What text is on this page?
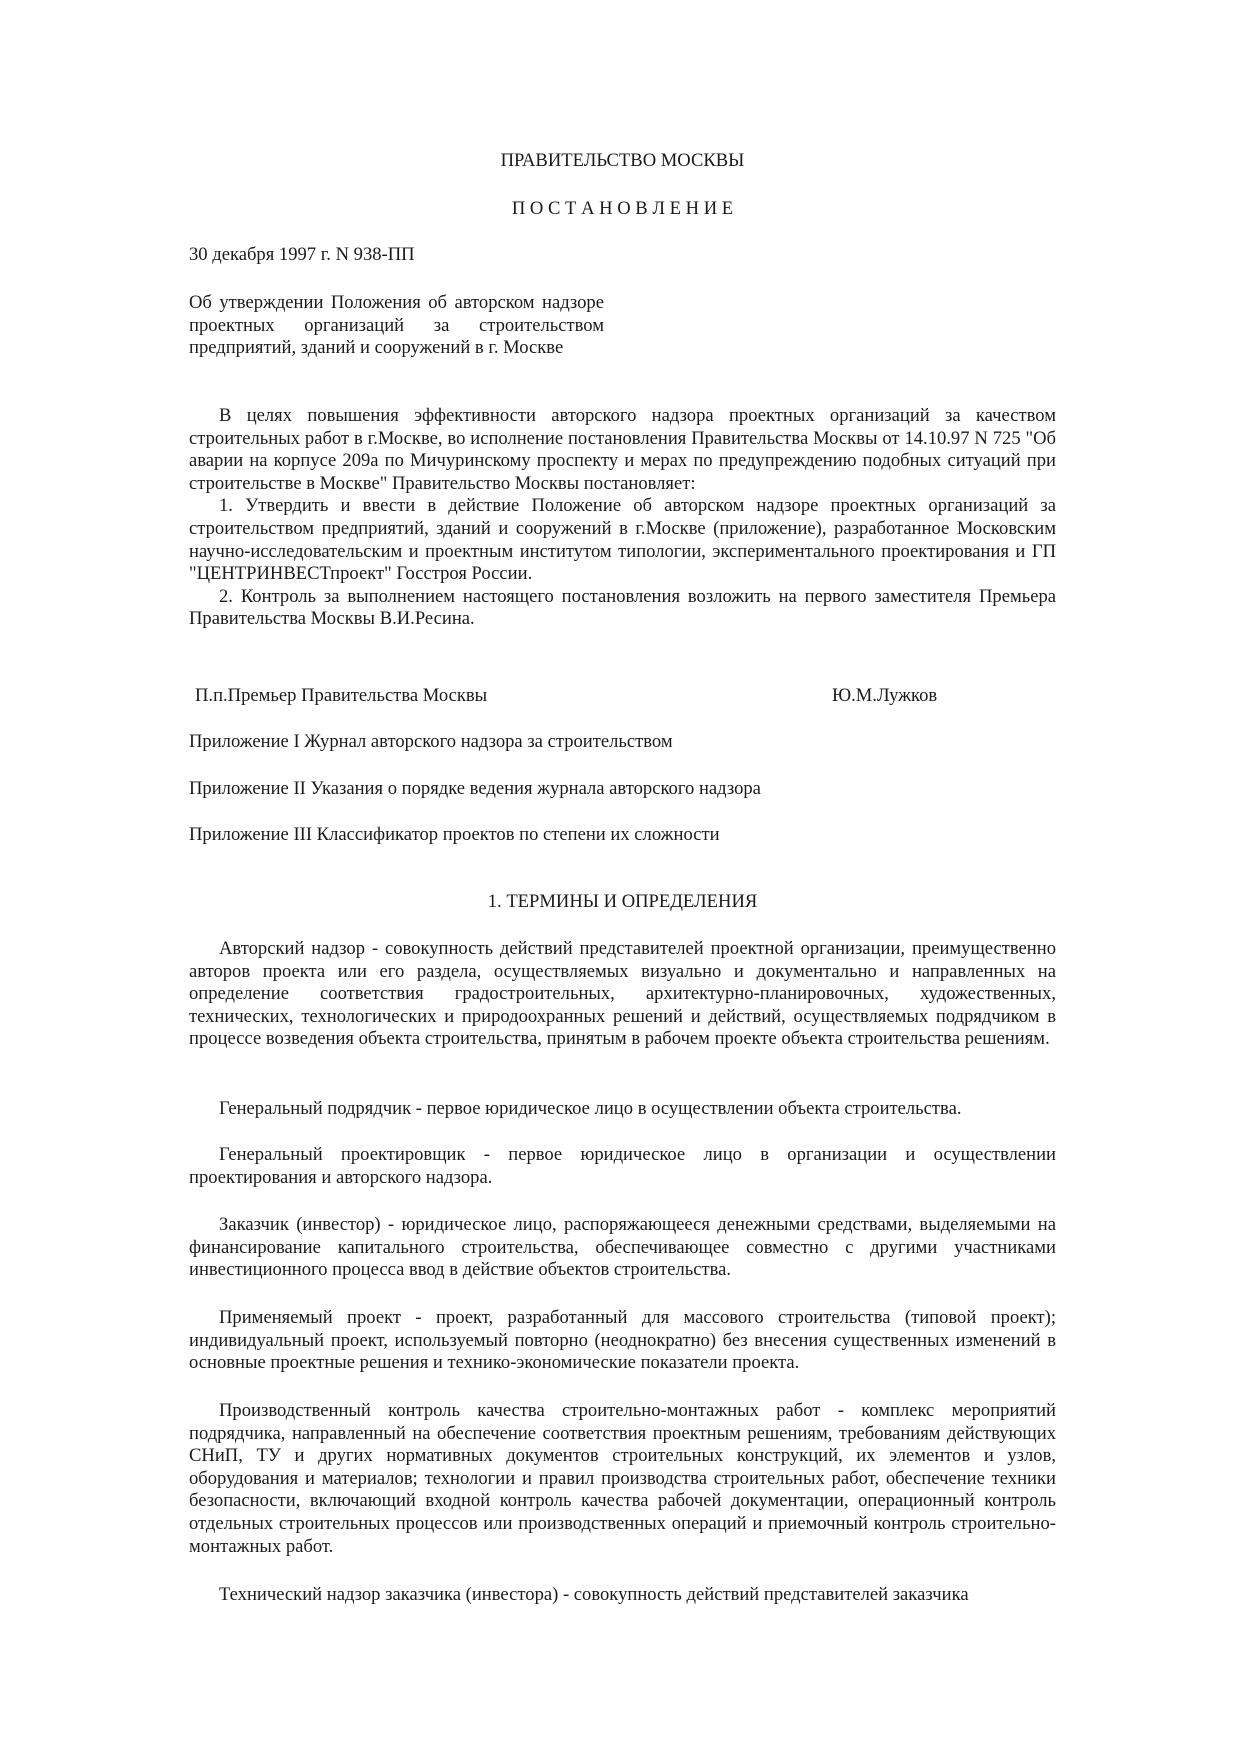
ПРАВИТЕЛЬСТВО МОСКВЫ

П О С Т А Н О В Л Е Н И Е

30 декабря 1997 г. N 938-ПП

Об утверждении Положения об авторском надзоре проектных организаций за строительством предприятий, зданий и сооружений в г. Москве

В целях повышения эффективности авторского надзора проектных организаций за качеством строительных работ в г.Москве, во исполнение постановления Правительства Москвы от 14.10.97 N 725 "Об аварии на корпусе 209а по Мичуринскому проспекту и мерах по предупреждению подобных ситуаций при строительстве в Москве" Правительство Москвы постановляет:

1. Утвердить и ввести в действие Положение об авторском надзоре проектных организаций за строительством предприятий, зданий и сооружений в г.Москве (приложение), разработанное Московским научно-исследовательским и проектным институтом типологии, экспериментального проектирования и ГП "ЦЕНТРИНВЕСТпроект" Госстроя России.

2. Контроль за выполнением настоящего постановления возложить на первого заместителя Премьера Правительства Москвы В.И.Ресина.

П.п.Премьер Правительства Москвы	Ю.М.Лужков

Приложение I Журнал авторского надзора за строительством

Приложение II Указания о порядке ведения журнала авторского надзора

Приложение III Классификатор проектов по степени их сложности

1. ТЕРМИНЫ И ОПРЕДЕЛЕНИЯ

Авторский надзор - совокупность действий представителей проектной организации, преимущественно авторов проекта или его раздела, осуществляемых визуально и документально и направленных на определение соответствия градостроительных, архитектурно-планировочных, художественных, технических, технологических и природоохранных решений и действий, осуществляемых подрядчиком в процессе возведения объекта строительства, принятым в рабочем проекте объекта строительства решениям.

Генеральный подрядчик - первое юридическое лицо в осуществлении объекта строительства.

Генеральный проектировщик - первое юридическое лицо в организации и осуществлении проектирования и авторского надзора.

Заказчик (инвестор) - юридическое лицо, распоряжающееся денежными средствами, выделяемыми на финансирование капитального строительства, обеспечивающее совместно с другими участниками инвестиционного процесса ввод в действие объектов строительства.

Применяемый проект - проект, разработанный для массового строительства (типовой проект); индивидуальный проект, используемый повторно (неоднократно) без внесения существенных изменений в основные проектные решения и технико-экономические показатели проекта.

Производственный контроль качества строительно-монтажных работ - комплекс мероприятий подрядчика, направленный на обеспечение соответствия проектным решениям, требованиям действующих СНиП, ТУ и других нормативных документов строительных конструкций, их элементов и узлов, оборудования и материалов; технологии и правил производства строительных работ, обеспечение техники безопасности, включающий входной контроль качества рабочей документации, операционный контроль отдельных строительных процессов или производственных операций и приемочный контроль строительно-монтажных работ.

Технический надзор заказчика (инвестора) - совокупность действий представителей заказчика
